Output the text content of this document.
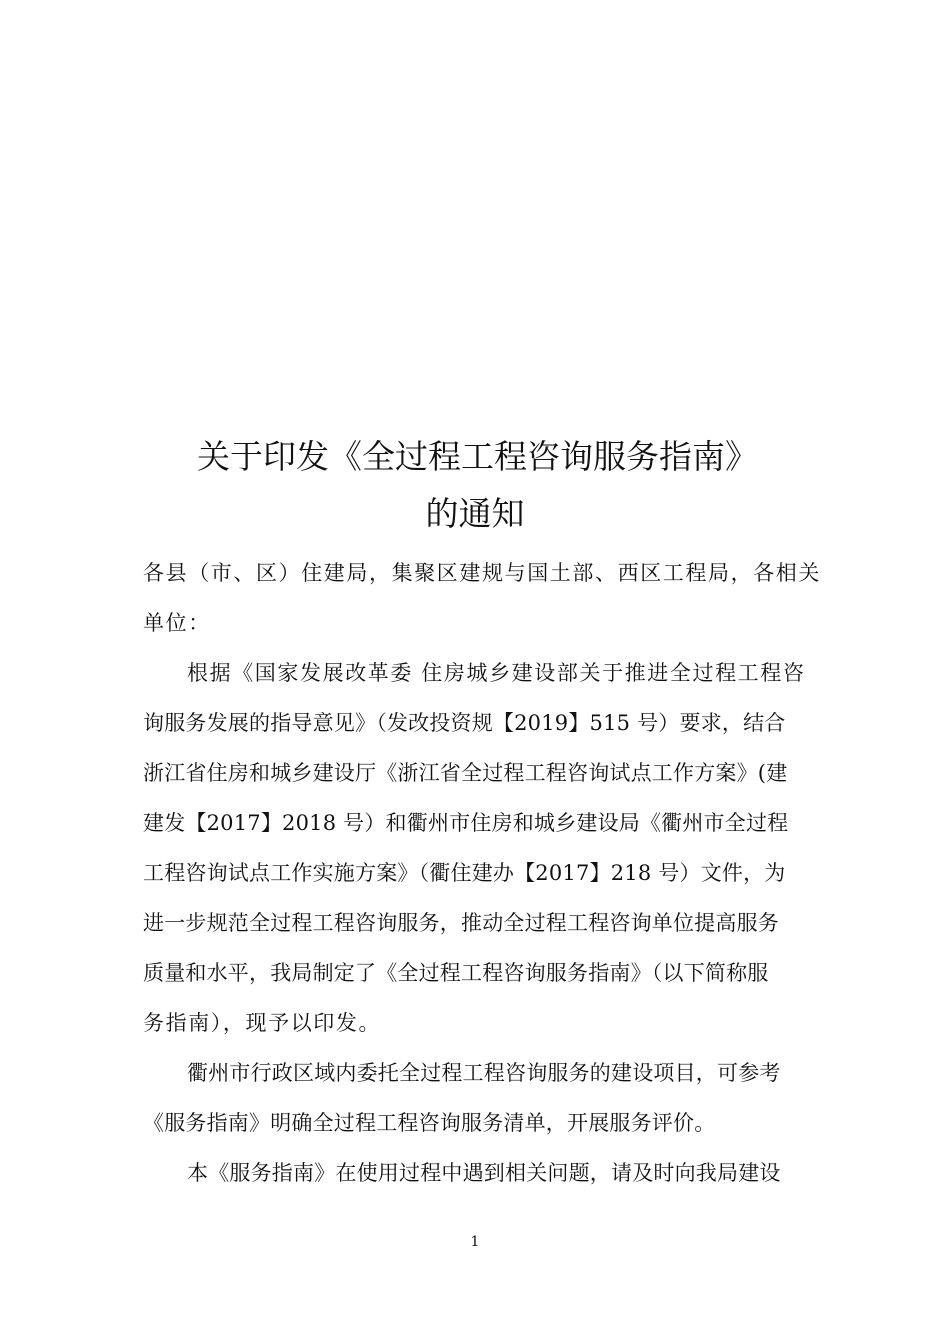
关于印发《全过程工程咨询服务指南》
的通知
各县（市、区）住建局，集聚区建规与国土部、西区工程局，各相关
单位：
根据《国家发展改革委 住房城乡建设部关于推进全过程工程咨
询服务发展的指导意见》（发改投资规【2019】515 号）要求，结合
浙江省住房和城乡建设厅《浙江省全过程工程咨询试点工作方案》(建
建发【2017】2018 号）和衢州市住房和城乡建设局《衢州市全过程
工程咨询试点工作实施方案》（衢住建办【2017】218 号）文件，为
进一步规范全过程工程咨询服务，推动全过程工程咨询单位提高服务
质量和水平，我局制定了《全过程工程咨询服务指南》（以下简称服
务指南），现予以印发。
衢州市行政区域内委托全过程工程咨询服务的建设项目，可参考
《服务指南》明确全过程工程咨询服务清单，开展服务评价。
本《服务指南》在使用过程中遇到相关问题，请及时向我局建设
1
